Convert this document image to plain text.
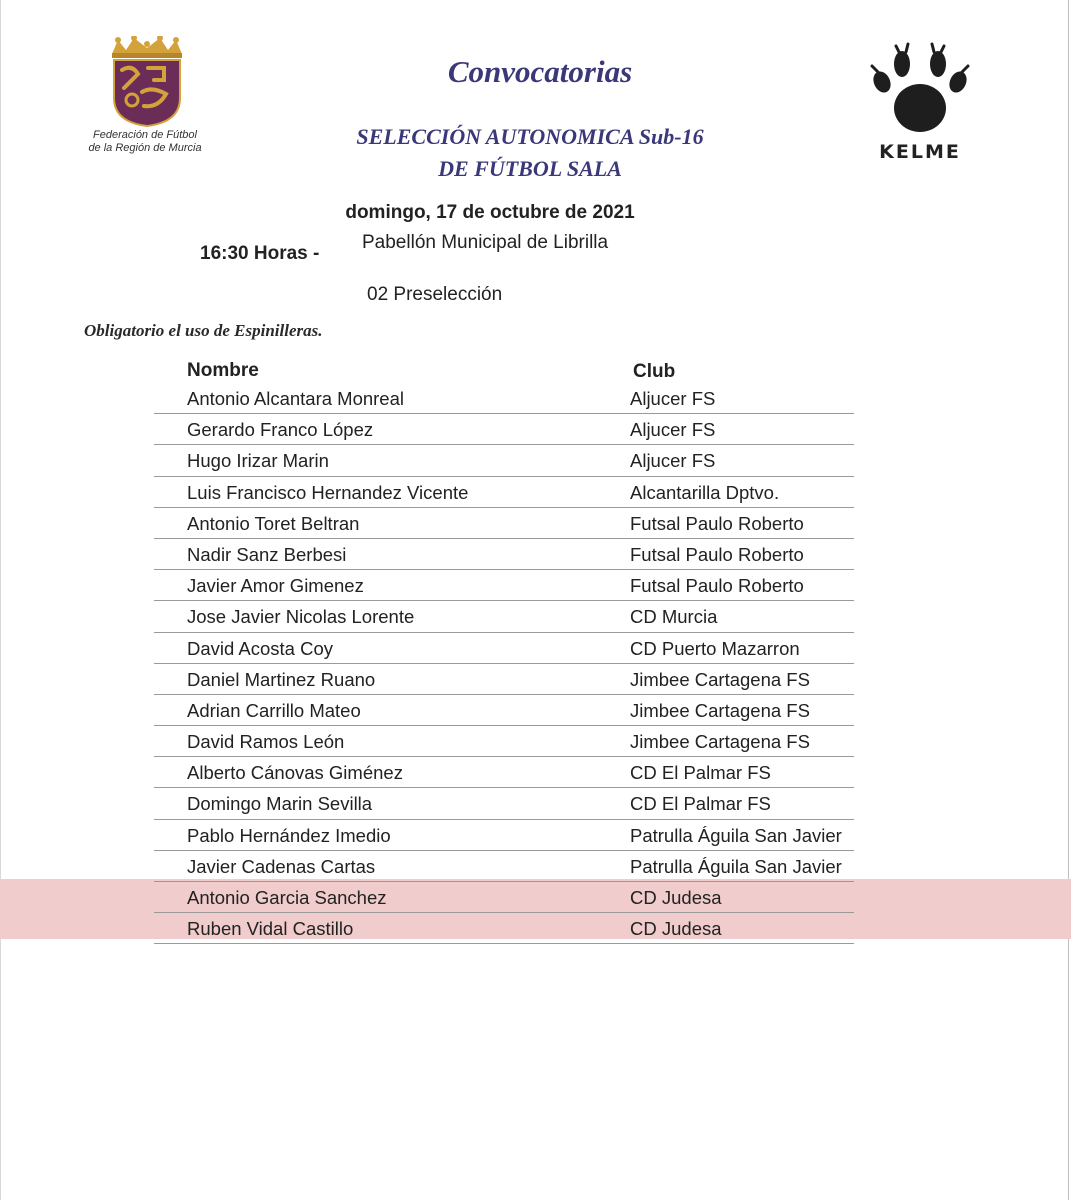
Federación de Fútbol
de la Región de Murcia	KELME
Convocatorias
SELECCIÓN AUTONOMICA Sub-16
DE FÚTBOL SALA
domingo, 17 de octubre de 2021
16:30 Horas -
Pabellón Municipal de Librilla
02 Preselección
Obligatorio el uso de Espinilleras.
Nombre	Club
Antonio Alcantara Monreal	Aljucer FS
Gerardo Franco López	Aljucer FS
Hugo Irizar Marin	Aljucer FS
Luis Francisco Hernandez Vicente	Alcantarilla Dptvo.
Antonio Toret Beltran	Futsal Paulo Roberto
Nadir Sanz Berbesi	Futsal Paulo Roberto
Javier Amor Gimenez	Futsal Paulo Roberto
Jose Javier Nicolas Lorente	CD Murcia
David Acosta Coy	CD Puerto Mazarron
Daniel Martinez Ruano	Jimbee Cartagena FS
Adrian Carrillo Mateo	Jimbee Cartagena FS
David Ramos León	Jimbee Cartagena FS
Alberto Cánovas Giménez	CD El Palmar FS
Domingo Marin Sevilla	CD El Palmar FS
Pablo Hernández Imedio	Patrulla Águila San Javier
Javier Cadenas Cartas	Patrulla Águila San Javier
Antonio Garcia Sanchez	CD Judesa
Ruben Vidal Castillo	CD Judesa
